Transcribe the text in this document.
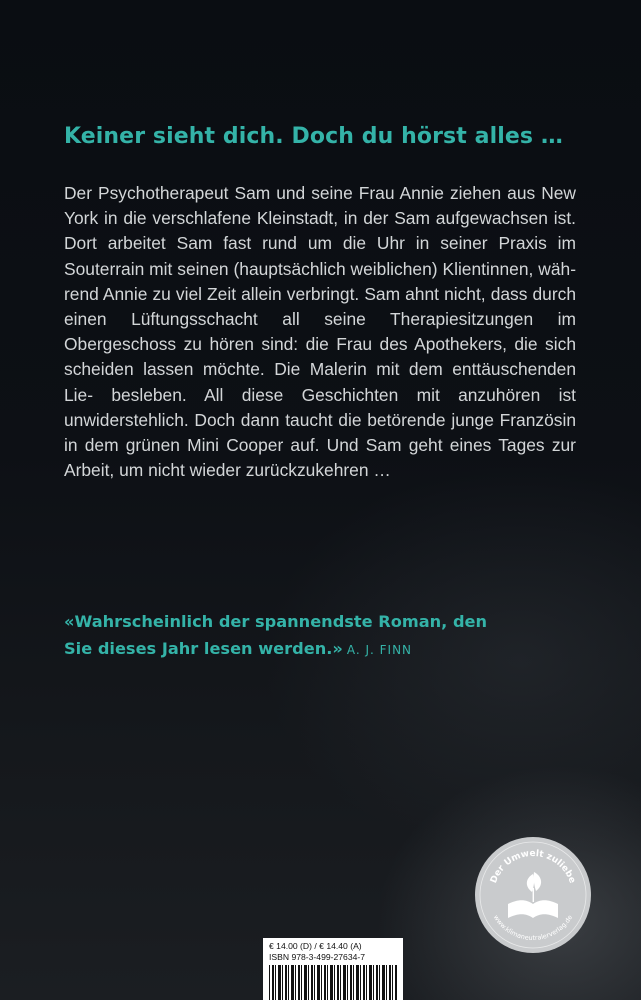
Keiner sieht dich. Doch du hörst alles …
Der Psychotherapeut Sam und seine Frau Annie ziehen aus New York in die verschlafene Kleinstadt, in der Sam aufgewachsen ist. Dort arbeitet Sam fast rund um die Uhr in seiner Praxis im Souterrain mit seinen (hauptsächlich weiblichen) Klientinnen, wäh- rend Annie zu viel Zeit allein verbringt. Sam ahnt nicht, dass durch einen Lüftungsschacht all seine Therapiesitzungen im Obergeschoss zu hören sind: die Frau des Apothekers, die sich scheiden lassen möchte. Die Malerin mit dem enttäuschenden Lie- besleben. All diese Geschichten mit anzuhören ist unwiderstehlich. Doch dann taucht die betörende junge Französin in dem grünen Mini Cooper auf. Und Sam geht eines Tages zur Arbeit, um nicht wieder zurückzukehren …
«Wahrscheinlich der spannendste Roman, den
Sie dieses Jahr lesen werden.» A. J. FINN
Der Umwelt zuliebe
www.klimaneutralerverlag.de
€ 14.00 (D) / € 14.40 (A)
ISBN 978-3-499-27634-7
